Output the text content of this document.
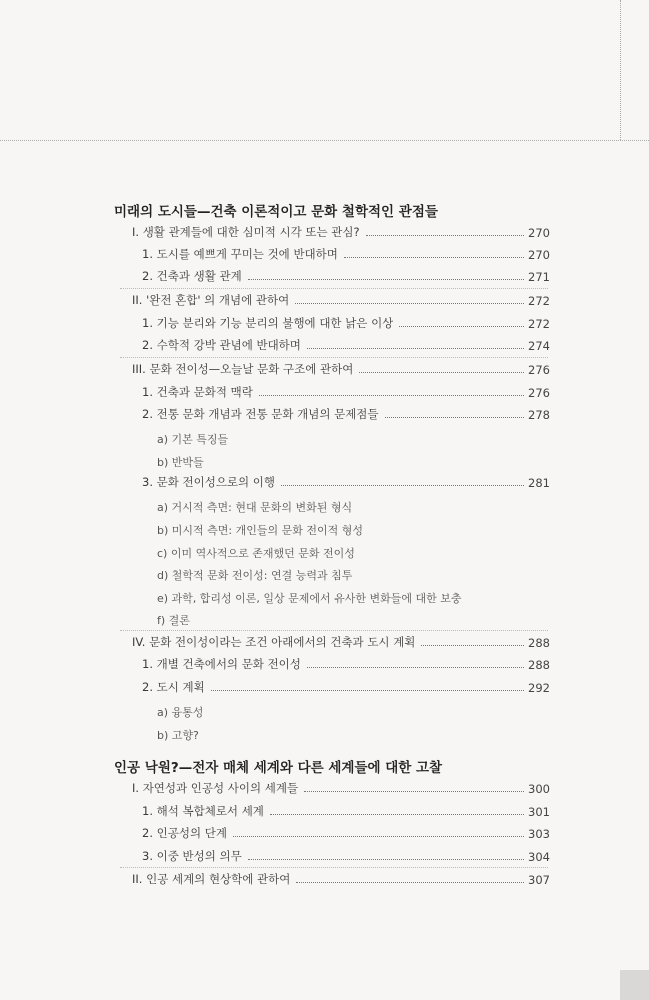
미래의 도시들—건축 이론적이고 문화 철학적인 관점들
I. 생활 관계들에 대한 심미적 시각 또는 관심?	270
1. 도시를 예쁘게 꾸미는 것에 반대하며	270
2. 건축과 생활 관계	271
II. '완전 혼합' 의 개념에 관하여	272
1. 기능 분리와 기능 분리의 불행에 대한 낡은 이상	272
2. 수학적 강박 관념에 반대하며	274
III. 문화 전이성—오늘날 문화 구조에 관하여	276
1. 건축과 문화적 맥락	276
2. 전통 문화 개념과 전통 문화 개념의 문제점들	278
a) 기본 특징들
b) 반박들
3. 문화 전이성으로의 이행	281
a) 거시적 측면: 현대 문화의 변화된 형식
b) 미시적 측면: 개인들의 문화 전이적 형성
c) 이미 역사적으로 존재했던 문화 전이성
d) 철학적 문화 전이성: 연결 능력과 침투
e) 과학, 합리성 이론, 일상 문제에서 유사한 변화들에 대한 보충
f) 결론
IV. 문화 전이성이라는 조건 아래에서의 건축과 도시 계획	288
1. 개별 건축에서의 문화 전이성	288
2. 도시 계획	292
a) 융통성
b) 고향?
인공 낙원?—전자 매체 세계와 다른 세계들에 대한 고찰
I. 자연성과 인공성 사이의 세계들	300
1. 해석 복합체로서 세계	301
2. 인공성의 단계	303
3. 이중 반성의 의무	304
II. 인공 세계의 현상학에 관하여	307
